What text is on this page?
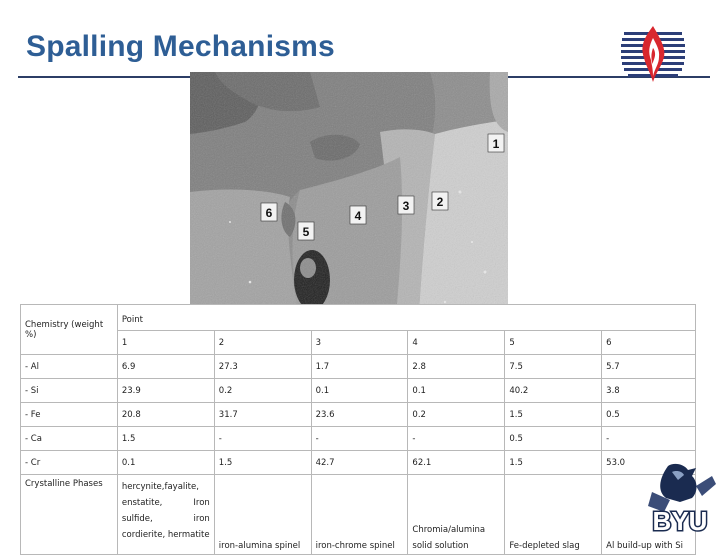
Spalling Mechanisms
1
2
3
4
5
6
Chemistry (weight %)	Point					
	1	2	3	4	5	6
- Al	6.9	27.3	1.7	2.8	7.5	5.7
- Si	23.9	0.2	0.1	0.1	40.2	3.8
- Fe	20.8	31.7	23.6	0.2	1.5	0.5
- Ca	1.5	-	-	-	0.5	-
- Cr	0.1	1.5	42.7	62.1	1.5	53.0
Crystalline Phases	hercynite,fayalite, enstatite, Iron sulfide, iron cordierite, hermatite	iron-alumina spinel	iron-chrome spinel	Chromia/alumina solid solution	Fe-depleted slag	Al build-up with Si
BYU
